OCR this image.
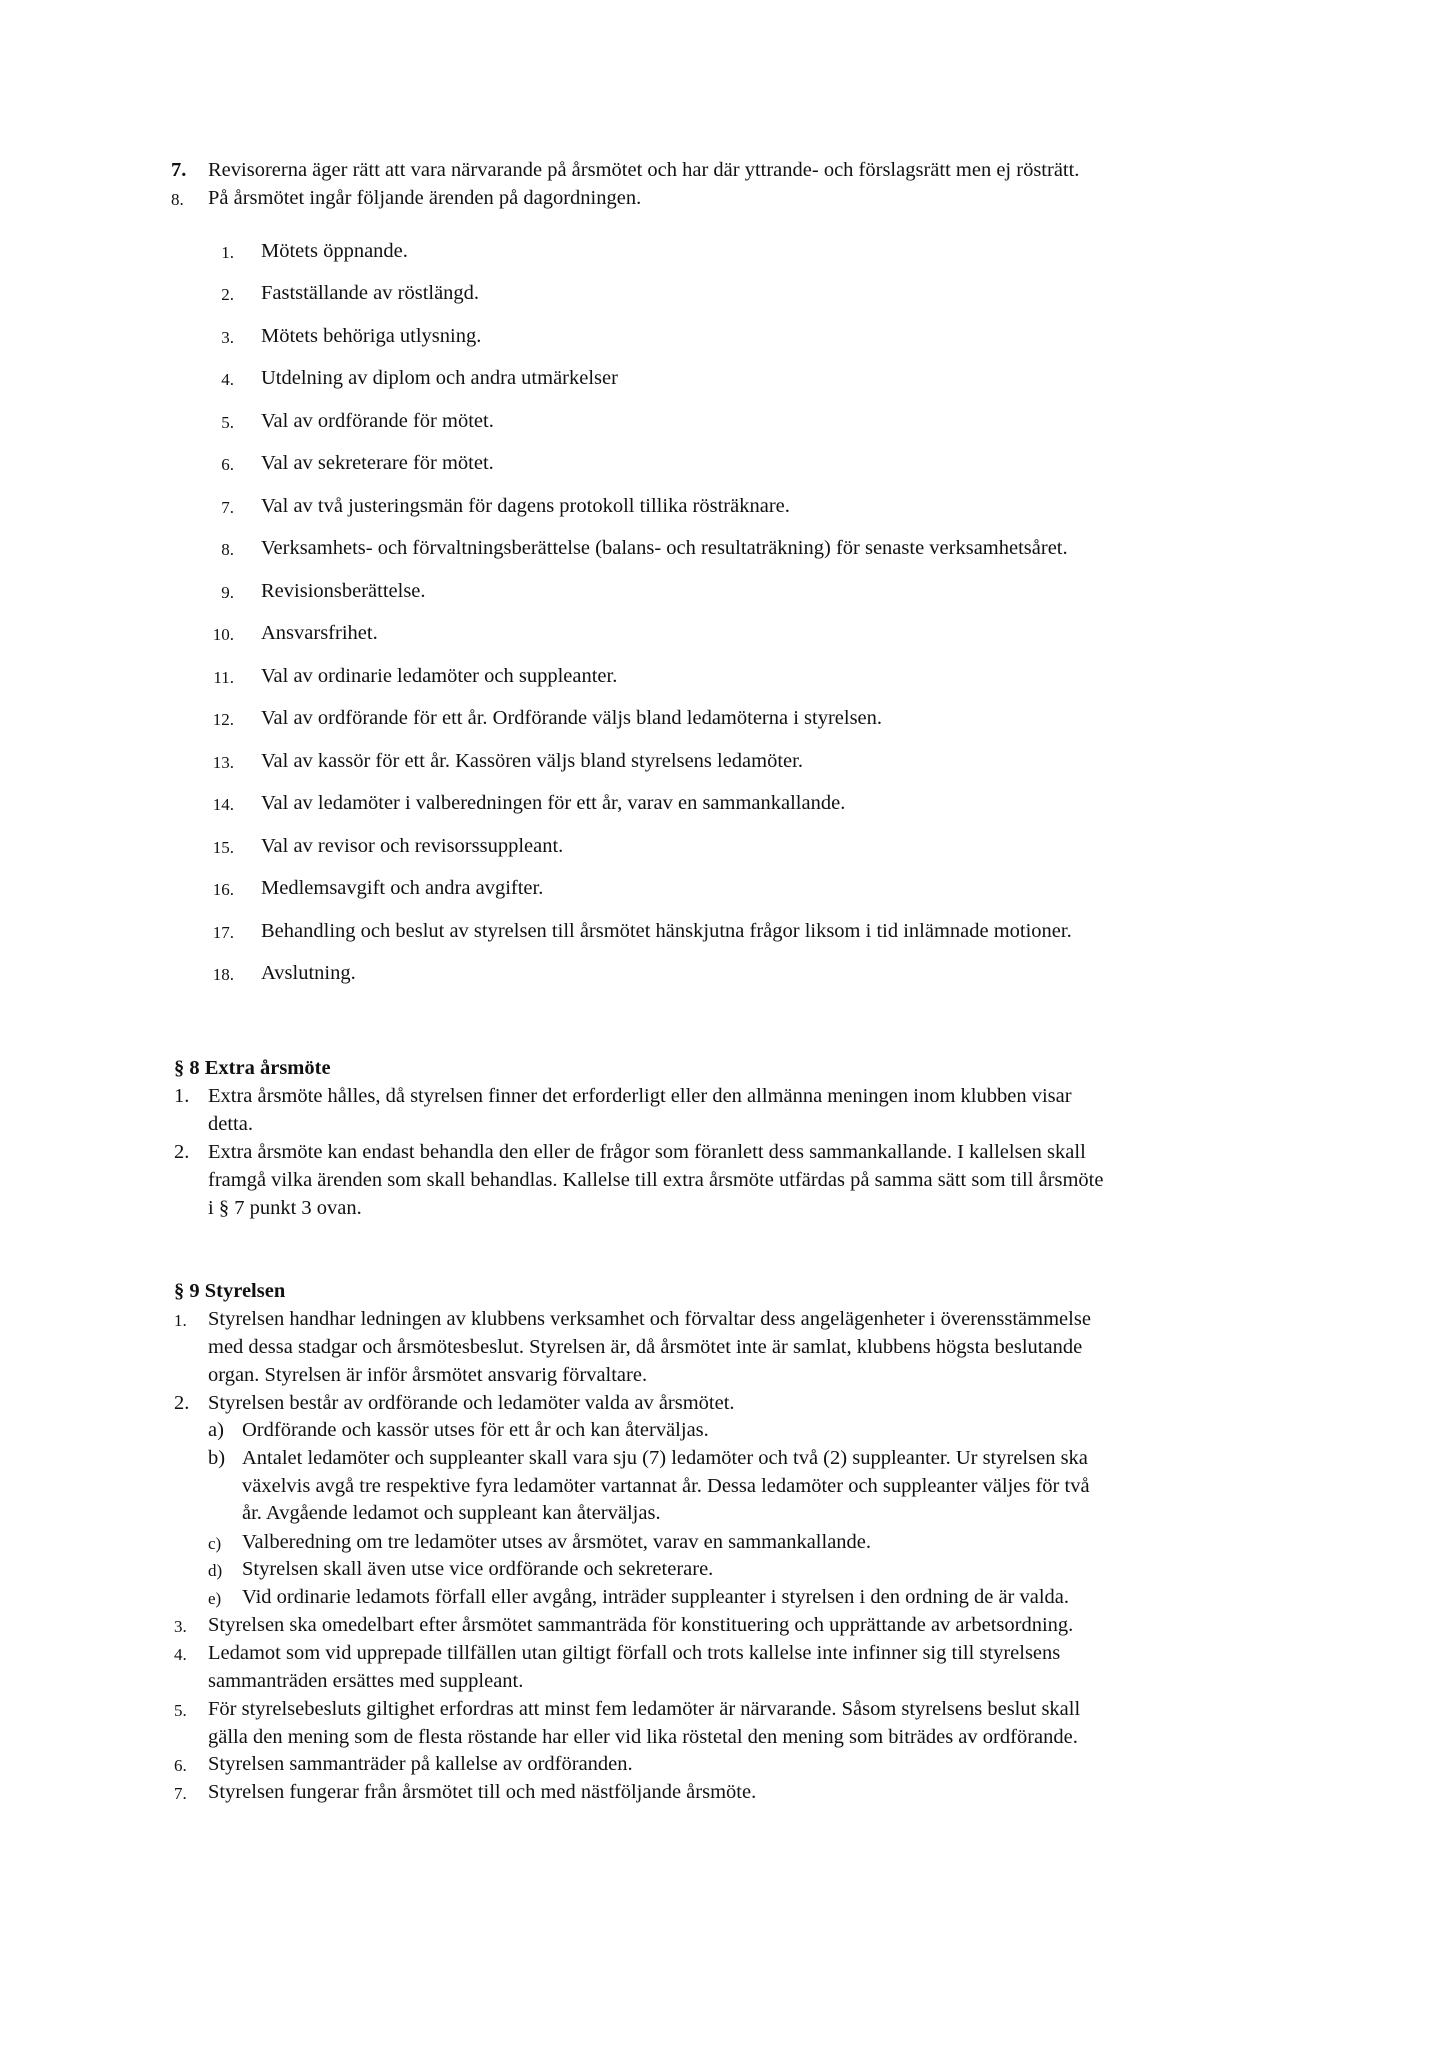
7. Revisorerna äger rätt att vara närvarande på årsmötet och har där yttrande- och förslagsrätt men ej rösträtt.
8. På årsmötet ingår följande ärenden på dagordningen.
1. Mötets öppnande.
2. Fastställande av röstlängd.
3. Mötets behöriga utlysning.
4. Utdelning av diplom och andra utmärkelser
5. Val av ordförande för mötet.
6. Val av sekreterare för mötet.
7. Val av två justeringsmän för dagens protokoll tillika rösträknare.
8. Verksamhets- och förvaltningsberättelse (balans- och resultaträkning) för senaste verksamhetsåret.
9. Revisionsberättelse.
10. Ansvarsfrihet.
11. Val av ordinarie ledamöter och suppleanter.
12. Val av ordförande för ett år. Ordförande väljs bland ledamöterna i styrelsen.
13. Val av kassör för ett år. Kassören väljs bland styrelsens ledamöter.
14. Val av ledamöter i valberedningen för ett år, varav en sammankallande.
15. Val av revisor och revisorssuppleant.
16. Medlemsavgift och andra avgifter.
17. Behandling och beslut av styrelsen till årsmötet hänskjutna frågor liksom i tid inlämnade motioner.
18. Avslutning.
§ 8 Extra årsmöte
1. Extra årsmöte hålles, då styrelsen finner det erforderligt eller den allmänna meningen inom klubben visar
detta.
2. Extra årsmöte kan endast behandla den eller de frågor som föranlett dess sammankallande. I kallelsen skall
framgå vilka ärenden som skall behandlas. Kallelse till extra årsmöte utfärdas på samma sätt som till årsmöte
i § 7 punkt 3 ovan.
§ 9 Styrelsen
1. Styrelsen handhar ledningen av klubbens verksamhet och förvaltar dess angelägenheter i överensstämmelse
med dessa stadgar och årsmötesbeslut. Styrelsen är, då årsmötet inte är samlat, klubbens högsta beslutande
organ. Styrelsen är inför årsmötet ansvarig förvaltare.
2. Styrelsen består av ordförande och ledamöter valda av årsmötet.
a) Ordförande och kassör utses för ett år och kan återväljas.
b) Antalet ledamöter och suppleanter skall vara sju (7) ledamöter och två (2) suppleanter. Ur styrelsen ska
växelvis avgå tre respektive fyra ledamöter vartannat år. Dessa ledamöter och suppleanter väljes för två
år. Avgående ledamot och suppleant kan återväljas.
c) Valberedning om tre ledamöter utses av årsmötet, varav en sammankallande.
d) Styrelsen skall även utse vice ordförande och sekreterare.
e) Vid ordinarie ledamots förfall eller avgång, inträder suppleanter i styrelsen i den ordning de är valda.
3. Styrelsen ska omedelbart efter årsmötet sammanträda för konstituering och upprättande av arbetsordning.
4. Ledamot som vid upprepade tillfällen utan giltigt förfall och trots kallelse inte infinner sig till styrelsens
sammanträden ersättes med suppleant.
5. För styrelsebesluts giltighet erfordras att minst fem ledamöter är närvarande. Såsom styrelsens beslut skall
gälla den mening som de flesta röstande har eller vid lika röstetal den mening som biträdes av ordförande.
6. Styrelsen sammanträder på kallelse av ordföranden.
7. Styrelsen fungerar från årsmötet till och med nästföljande årsmöte.
